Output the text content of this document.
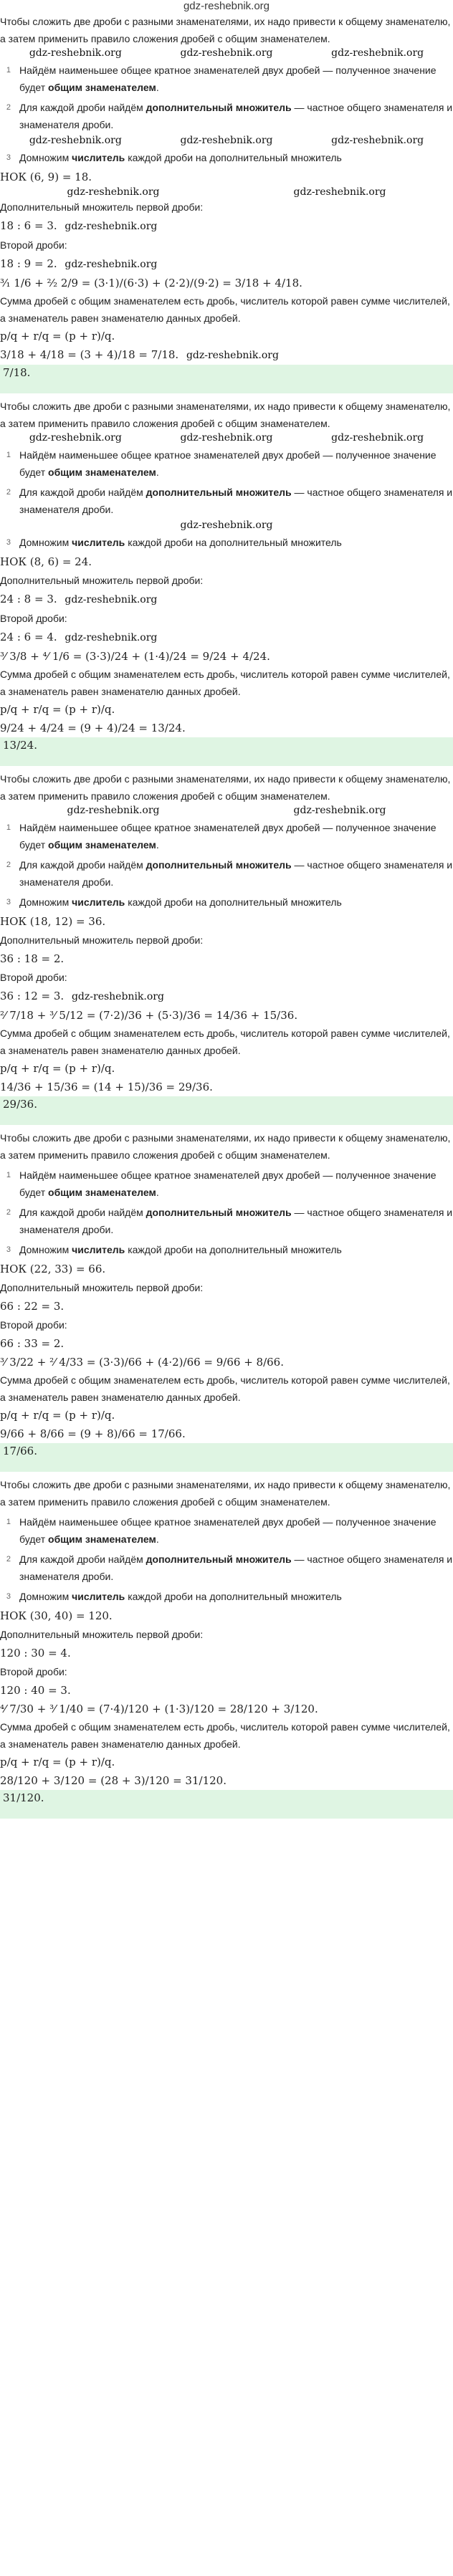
gdz-reshebnik.org
Чтобы сложить две дроби с разными знаменателями, их надо привести к общему знаменателю, а затем применить правило сложения дробей с общим знаменателем.
gdz-reshebnik.org	gdz-reshebnik.org	gdz-reshebnik.org
1 Найдём наименьшее общее кратное знаменателей двух дробей — полученное значение будет общим знаменателем.
2 Для каждой дроби найдём дополнительный множитель — частное общего знаменателя и знаменателя дроби.
gdz-reshebnik.org	gdz-reshebnik.org	gdz-reshebnik.org
3 Домножим числитель каждой дроби на дополнительный множитель
НОК (6, 9) = 18.
gdz-reshebnik.org	gdz-reshebnik.org
Дополнительный множитель первой дроби:
18 : 6 = 3. gdz-reshebnik.org
Второй дроби:
18 : 9 = 2. gdz-reshebnik.org
³⁄₁ 1/6 + ²⁄₂ 2/9 = (3·1)/(6·3) + (2·2)/(9·2) = 3/18 + 4/18.
Сумма дробей с общим знаменателем есть дробь, числитель которой равен сумме числителей, а знаменатель равен знаменателю данных дробей.
p/q + r/q = (p + r)/q.
3/18 + 4/18 = (3 + 4)/18 = 7/18. gdz-reshebnik.org
7/18.
Чтобы сложить две дроби с разными знаменателями, их надо привести к общему знаменателю, а затем применить правило сложения дробей с общим знаменателем.
gdz-reshebnik.org	gdz-reshebnik.org	gdz-reshebnik.org
1 Найдём наименьшее общее кратное знаменателей двух дробей — полученное значение будет общим знаменателем.
2 Для каждой дроби найдём дополнительный множитель — частное общего знаменателя и знаменателя дроби.
gdz-reshebnik.org
3 Домножим числитель каждой дроби на дополнительный множитель
НОК (8, 6) = 24.
Дополнительный множитель первой дроби:
24 : 8 = 3. gdz-reshebnik.org
Второй дроби:
24 : 6 = 4. gdz-reshebnik.org
³⁄ 3/8 + ⁴⁄ 1/6 = (3·3)/24 + (1·4)/24 = 9/24 + 4/24.
Сумма дробей с общим знаменателем есть дробь, числитель которой равен сумме числителей, а знаменатель равен знаменателю данных дробей.
p/q + r/q = (p + r)/q.
9/24 + 4/24 = (9 + 4)/24 = 13/24.
13/24.
Чтобы сложить две дроби с разными знаменателями, их надо привести к общему знаменателю, а затем применить правило сложения дробей с общим знаменателем.
gdz-reshebnik.org	gdz-reshebnik.org
1 Найдём наименьшее общее кратное знаменателей двух дробей — полученное значение будет общим знаменателем.
2 Для каждой дроби найдём дополнительный множитель — частное общего знаменателя и знаменателя дроби.
3 Домножим числитель каждой дроби на дополнительный множитель
НОК (18, 12) = 36.
Дополнительный множитель первой дроби:
36 : 18 = 2.
Второй дроби:
36 : 12 = 3. gdz-reshebnik.org
²⁄ 7/18 + ³⁄ 5/12 = (7·2)/36 + (5·3)/36 = 14/36 + 15/36.
Сумма дробей с общим знаменателем есть дробь, числитель которой равен сумме числителей, а знаменатель равен знаменателю данных дробей.
p/q + r/q = (p + r)/q.
14/36 + 15/36 = (14 + 15)/36 = 29/36.
29/36.
Чтобы сложить две дроби с разными знаменателями, их надо привести к общему знаменателю, а затем применить правило сложения дробей с общим знаменателем.
1 Найдём наименьшее общее кратное знаменателей двух дробей — полученное значение будет общим знаменателем.
2 Для каждой дроби найдём дополнительный множитель — частное общего знаменателя и знаменателя дроби.
3 Домножим числитель каждой дроби на дополнительный множитель
НОК (22, 33) = 66.
Дополнительный множитель первой дроби:
66 : 22 = 3.
Второй дроби:
66 : 33 = 2.
³⁄ 3/22 + ²⁄ 4/33 = (3·3)/66 + (4·2)/66 = 9/66 + 8/66.
Сумма дробей с общим знаменателем есть дробь, числитель которой равен сумме числителей, а знаменатель равен знаменателю данных дробей.
p/q + r/q = (p + r)/q.
9/66 + 8/66 = (9 + 8)/66 = 17/66.
17/66.
Чтобы сложить две дроби с разными знаменателями, их надо привести к общему знаменателю, а затем применить правило сложения дробей с общим знаменателем.
1 Найдём наименьшее общее кратное знаменателей двух дробей — полученное значение будет общим знаменателем.
2 Для каждой дроби найдём дополнительный множитель — частное общего знаменателя и знаменателя дроби.
3 Домножим числитель каждой дроби на дополнительный множитель
НОК (30, 40) = 120.
Дополнительный множитель первой дроби:
120 : 30 = 4.
Второй дроби:
120 : 40 = 3.
⁴⁄ 7/30 + ³⁄ 1/40 = (7·4)/120 + (1·3)/120 = 28/120 + 3/120.
Сумма дробей с общим знаменателем есть дробь, числитель которой равен сумме числителей, а знаменатель равен знаменателю данных дробей.
p/q + r/q = (p + r)/q.
28/120 + 3/120 = (28 + 3)/120 = 31/120.
31/120.
